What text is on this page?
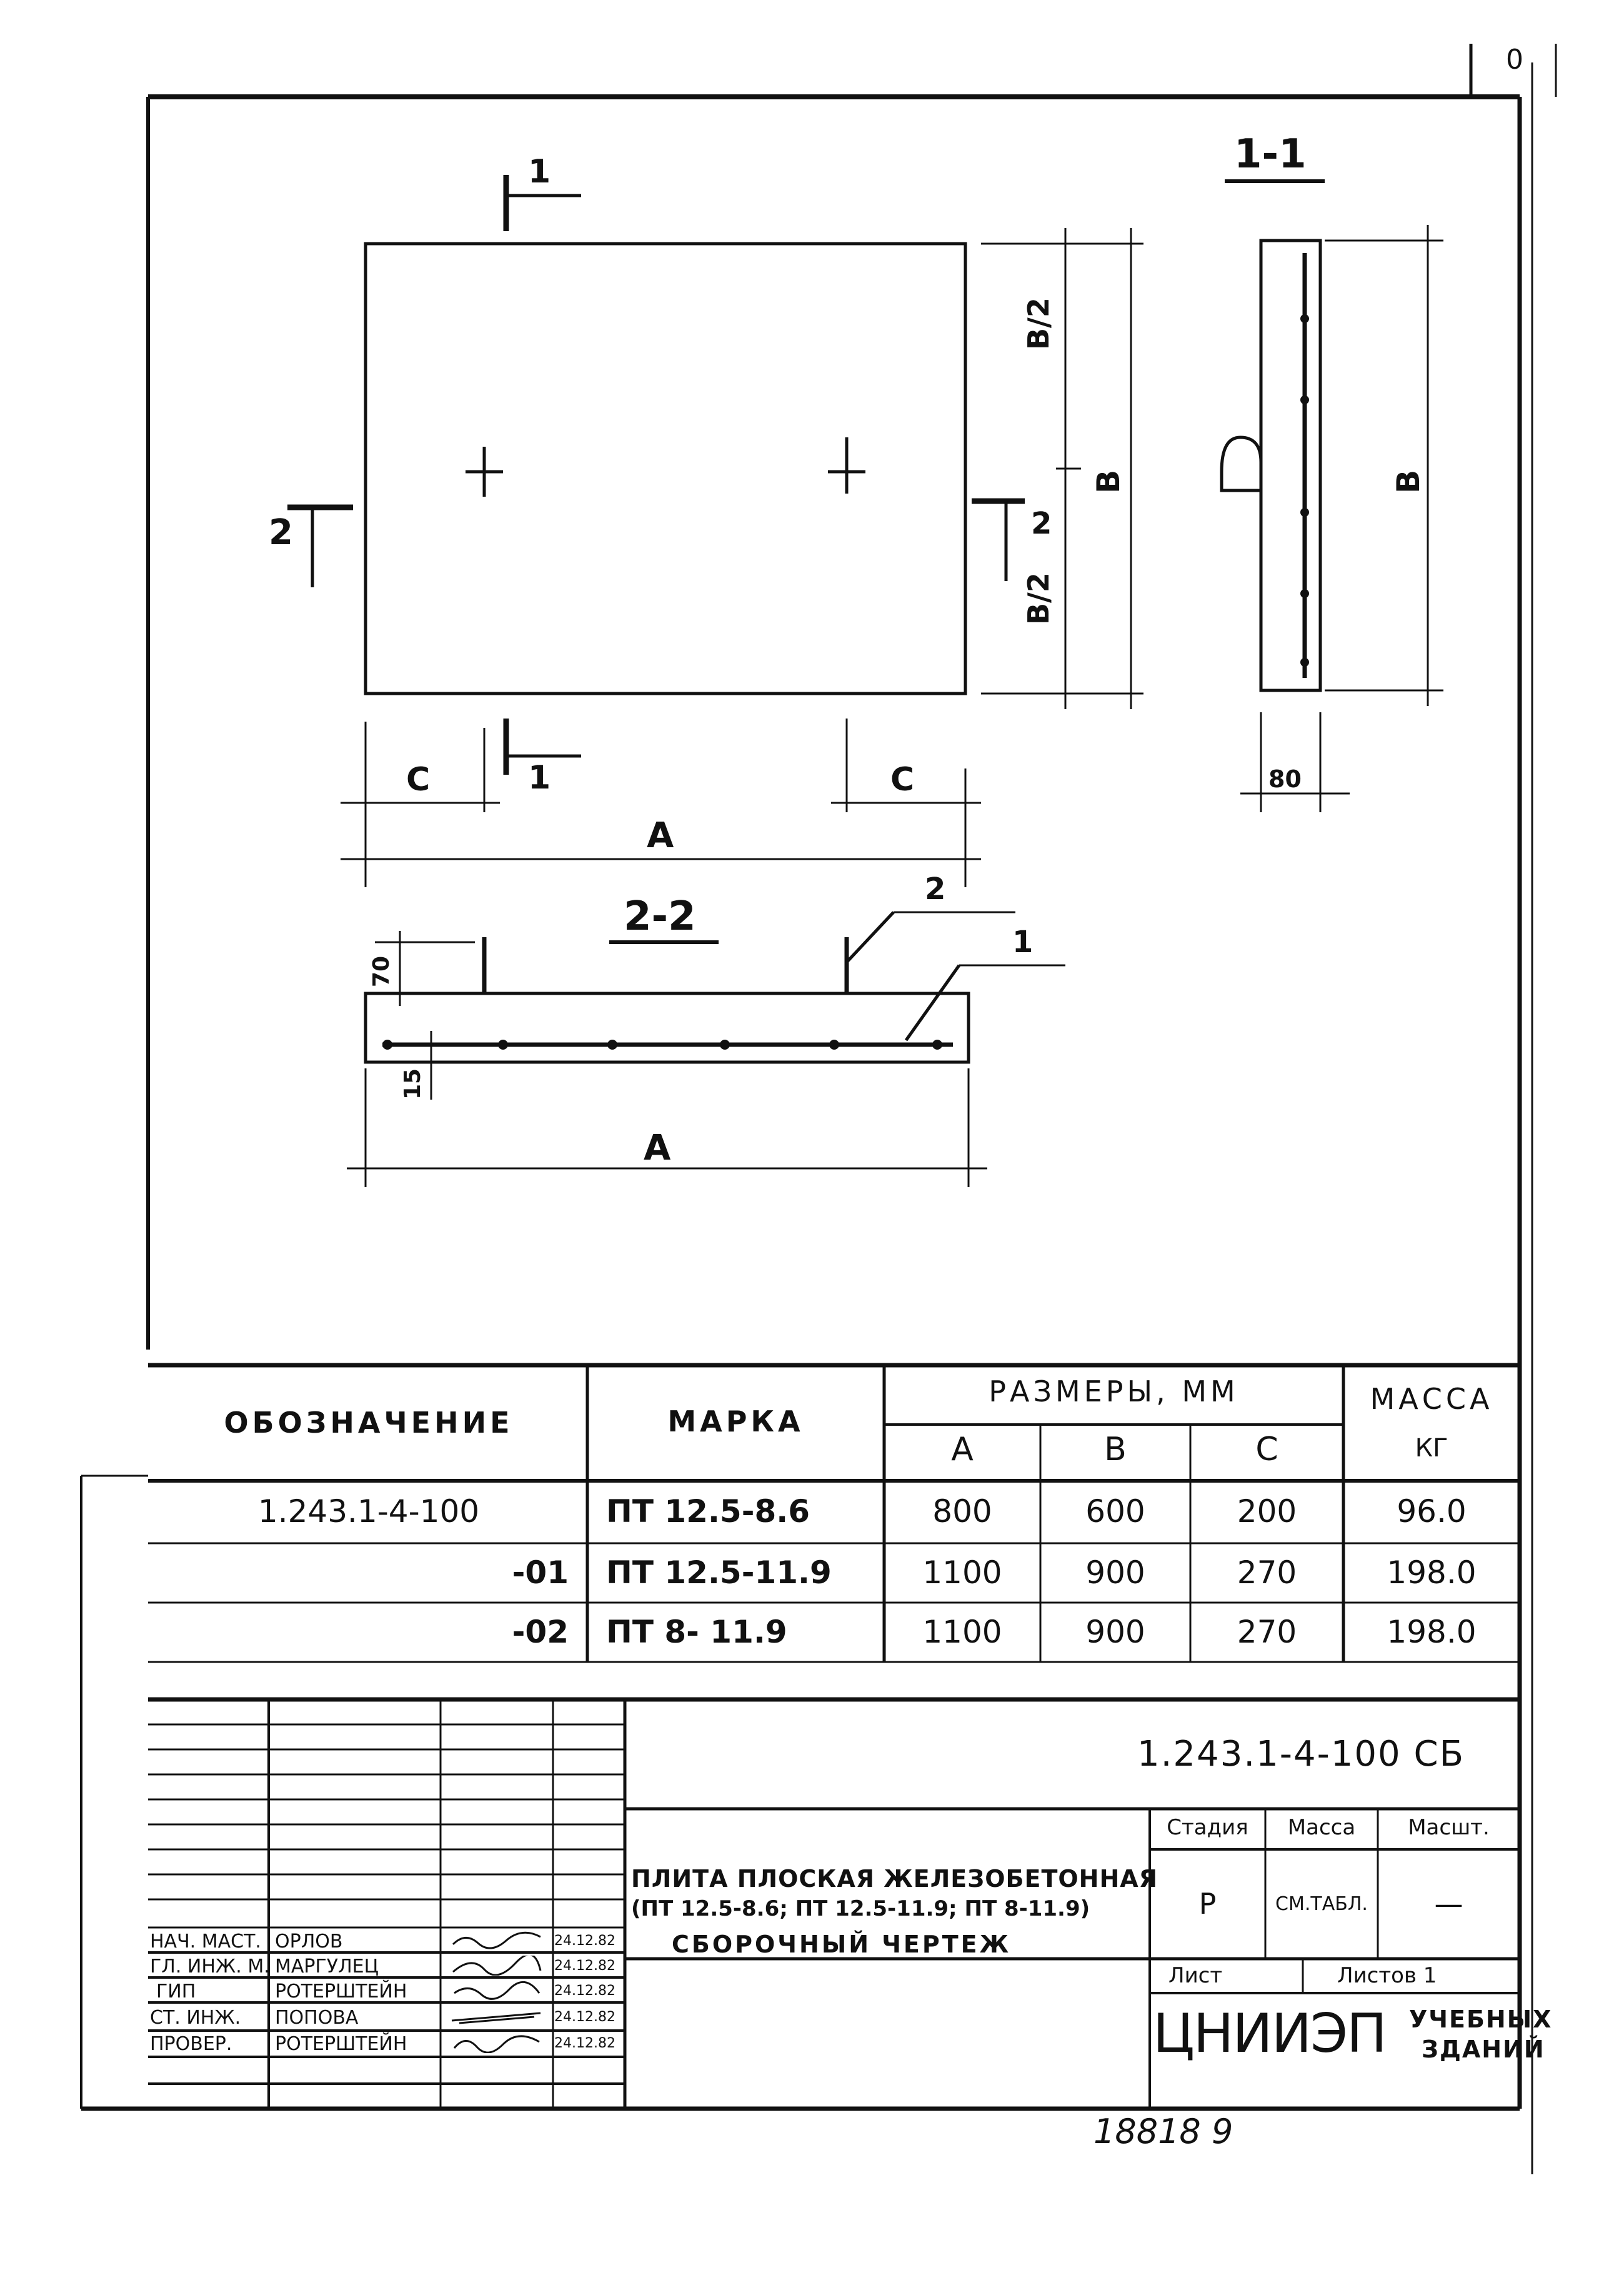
0
1
1
2	2
C	C
A
B/2
B/2
B
1-1
B
80
2-2
70
15
A
1
2
ОБОЗНАЧЕНИЕ	МАРКА
РАЗМЕРЫ, ММ
А	В	С
МАССА
КГ
1.243.1-4-100	ПТ 12.5-8.6	800	600	200	96.0
-01 ПТ 12.5-11.9	1100	900	270	198.0
-02 ПТ 8- 11.9	1100	900	270	198.0
1.243.1-4-100 СБ
ПЛИТА ПЛОСКАЯ ЖЕЛЕЗОБЕТОННАЯ
(ПТ 12.5-8.6; ПТ 12.5-11.9; ПТ 8-11.9)
СБОРОЧНЫЙ ЧЕРТЕЖ
Стадия	Масса	Масшт.
Р	СМ.ТАБЛ.	—
Лист	Листов 1
ЦНИИЭП УЧЕБНЫХ
ЗДАНИЙ
НАЧ. МАСТ. ОРЛОВ	24.12.82
ГЛ. ИНЖ. М. МАРГУЛЕЦ	24.12.82
ГИП	РОТЕРШТЕЙН	24.12.82
СТ. ИНЖ. ПОПОВА	24.12.82
ПРОВЕР. РОТЕРШТЕЙН	24.12.82
18818 9
